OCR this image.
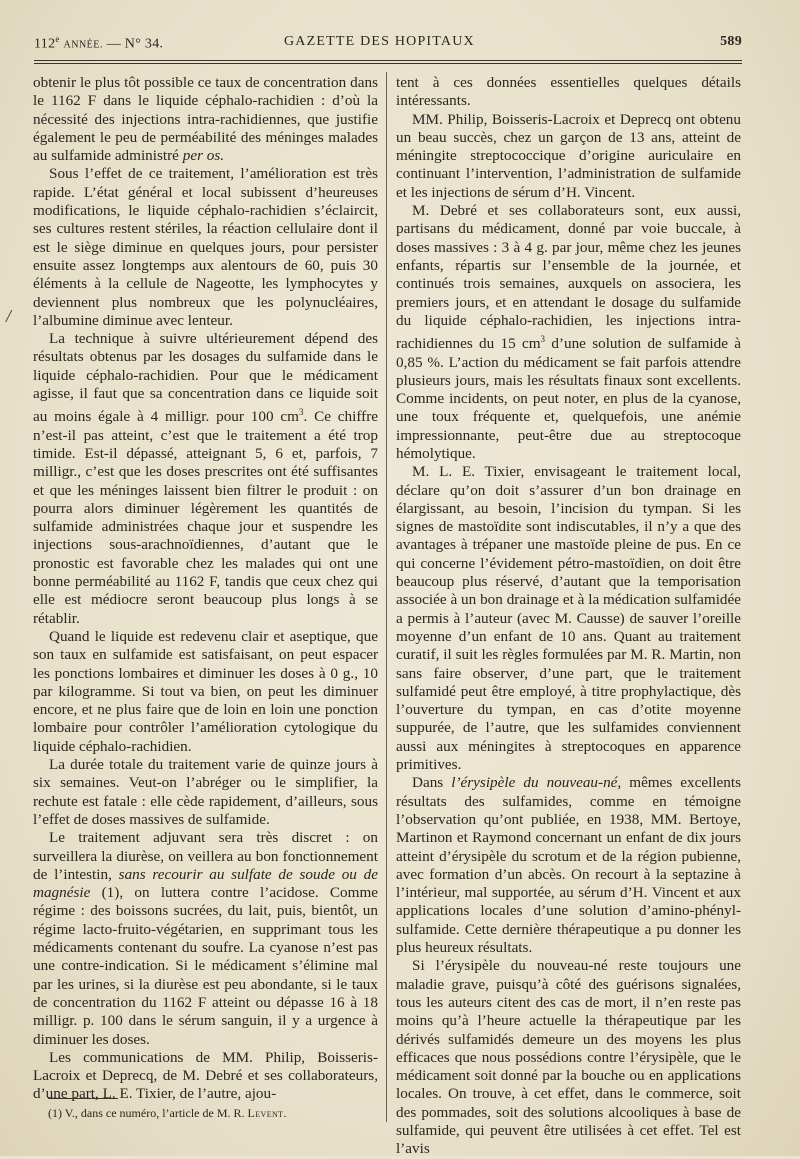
112e ANNÉE. — N° 34.	GAZETTE DES HOPITAUX	589
/

obtenir le plus tôt possible ce taux de concentration dans le 1162 F dans le liquide céphalo-rachidien : d’où la nécessité des injections intra-rachidiennes, que justifie également le peu de perméabilité des méninges malades au sulfamide administré per os.

Sous l’effet de ce traitement, l’amélioration est très rapide. L’état général et local subissent d’heureuses modifications, le liquide céphalo-rachidien s’éclaircit, ses cultures restent stériles, la réaction cellulaire dont il est le siège diminue en quelques jours, pour persister ensuite assez longtemps aux alentours de 60, puis 30 éléments à la cellule de Nageotte, les lymphocytes y deviennent plus nombreux que les polynucléaires, l’albumine diminue avec lenteur.

La technique à suivre ultérieurement dépend des résultats obtenus par les dosages du sulfamide dans le liquide céphalo-rachidien. Pour que le médicament agisse, il faut que sa concentration dans ce liquide soit au moins égale à 4 milligr. pour 100 $cm^3$. Ce chiffre n’est-il pas atteint, c’est que le traitement a été trop timide. Est-il dépassé, atteignant 5, 6 et, parfois, 7 milligr., c’est que les doses prescrites ont été suffisantes et que les méninges laissent bien filtrer le produit : on pourra alors diminuer légèrement les quantités de sulfamide administrées chaque jour et suspendre les injections sous-arachnoïdiennes, d’autant que le pronostic est favorable chez les malades qui ont une bonne perméabilité au 1162 F, tandis que ceux chez qui elle est médiocre seront beaucoup plus longs à se rétablir.

Quand le liquide est redevenu clair et aseptique, que son taux en sulfamide est satisfaisant, on peut espacer les ponctions lombaires et diminuer les doses à 0 g., 10 par kilogramme. Si tout va bien, on peut les diminuer encore, et ne plus faire que de loin en loin une ponction lombaire pour contrôler l’amélioration cytologique du liquide céphalo-rachidien.

La durée totale du traitement varie de quinze jours à six semaines. Veut-on l’abréger ou le simplifier, la rechute est fatale : elle cède rapidement, d’ailleurs, sous l’effet de doses massives de sulfamide.

Le traitement adjuvant sera très discret : on surveillera la diurèse, on veillera au bon fonctionnement de l’intestin, sans recourir au sulfate de soude ou de magnésie (1), on luttera contre l’acidose. Comme régime : des boissons sucrées, du lait, puis, bientôt, un régime lacto-fruito-végétarien, en supprimant tous les médicaments contenant du soufre. La cyanose n’est pas une contre-indication. Si le médicament s’élimine mal par les urines, si la diurèse est peu abondante, si le taux de concentration du 1162 F atteint ou dépasse 16 à 18 milligr. p. 100 dans le sérum sanguin, il y a urgence à diminuer les doses.

Les communications de MM. Philip, Boisseris-Lacroix et Deprecq, de M. Debré et ses collaborateurs, d’une part, L. E. Tixier, de l’autre, ajou-

tent à ces données essentielles quelques détails intéressants.

MM. Philip, Boisseris-Lacroix et Deprecq ont obtenu un beau succès, chez un garçon de 13 ans, atteint de méningite streptococcique d’origine auriculaire en continuant l’intervention, l’administration de sulfamide et les injections de sérum d’H. Vincent.

M. Debré et ses collaborateurs sont, eux aussi, partisans du médicament, donné par voie buccale, à doses massives : 3 à 4 g. par jour, même chez les jeunes enfants, répartis sur l’ensemble de la journée, et continués trois semaines, auxquels on associera, les premiers jours, et en attendant le dosage du sulfamide du liquide céphalo-rachidien, les injections intra-rachidiennes du 15 $cm^3$ d’une solution de sulfamide à 0,85 %. L’action du médicament se fait parfois attendre plusieurs jours, mais les résultats finaux sont excellents. Comme incidents, on peut noter, en plus de la cyanose, une toux fréquente et, quelquefois, une anémie impressionnante, peut-être due au streptocoque hémolytique.

M. L. E. Tixier, envisageant le traitement local, déclare qu’on doit s’assurer d’un bon drainage en élargissant, au besoin, l’incision du tympan. Si les signes de mastoïdite sont indiscutables, il n’y a que des avantages à trépaner une mastoïde pleine de pus. En ce qui concerne l’évidement pétro-mastoïdien, on doit être beaucoup plus réservé, d’autant que la temporisation associée à un bon drainage et à la médication sulfamidée a permis à l’auteur (avec M. Causse) de sauver l’oreille moyenne d’un enfant de 10 ans. Quant au traitement curatif, il suit les règles formulées par M. R. Martin, non sans faire observer, d’une part, que le traitement sulfamidé peut être employé, à titre prophylactique, dès l’ouverture du tympan, en cas d’otite moyenne suppurée, de l’autre, que les sulfamides conviennent aussi aux méningites à streptocoques en apparence primitives.

Dans l’érysipèle du nouveau-né, mêmes excellents résultats des sulfamides, comme en témoigne l’observation qu’ont publiée, en 1938, MM. Bertoye, Martinon et Raymond concernant un enfant de dix jours atteint d’érysipèle du scrotum et de la région pubienne, avec formation d’un abcès. On recourt à la septazine à l’intérieur, mal supportée, au sérum d’H. Vincent et aux applications locales d’une solution d’amino-phényl-sulfamide. Cette dernière thérapeutique a pu donner les plus heureux résultats.

Si l’érysipèle du nouveau-né reste toujours une maladie grave, puisqu’à côté des guérisons signalées, tous les auteurs citent des cas de mort, il n’en reste pas moins qu’à l’heure actuelle la thérapeutique par les dérivés sulfamidés demeure un des moyens les plus efficaces que nous possédions contre l’érysipèle, que le médicament soit donné par la bouche ou en applications locales. On trouve, à cet effet, dans le commerce, soit des pommades, soit des solutions alcooliques à base de sulfamide, qui peuvent être utilisées à cet effet. Tel est l’avis

(1) V., dans ce numéro, l’article de M. R. Levent.
